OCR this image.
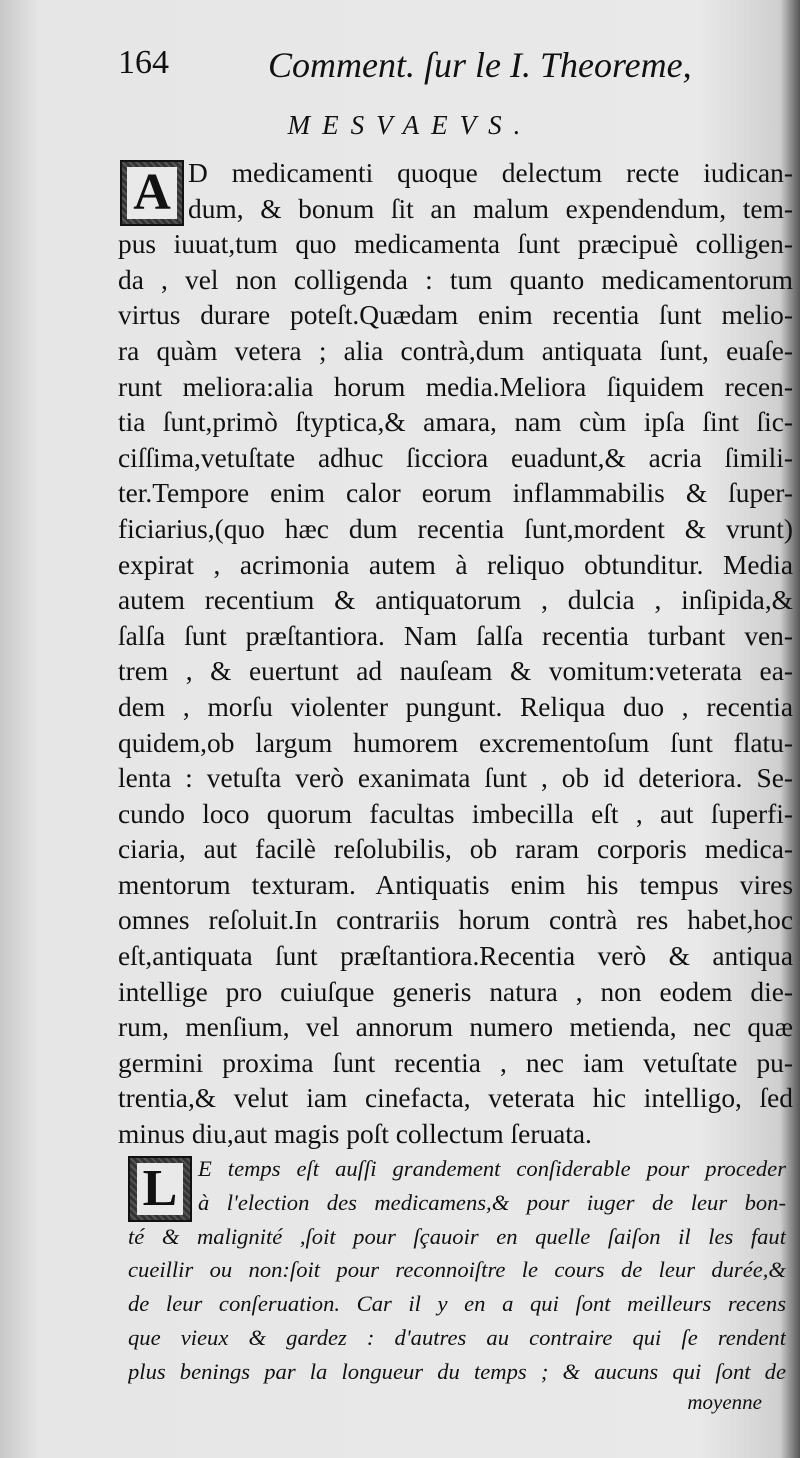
164	Comment. ſur le I. Theoreme,
MESVAEVS.
A D medicamenti quoque delectum recte iudican-
dum, & bonum ſit an malum expendendum, tem-
pus iuuat,tum quo medicamenta ſunt præcipuè colligen-
da , vel non colligenda : tum quanto medicamentorum
virtus durare poteſt.Quædam enim recentia ſunt melio-
ra quàm vetera ; alia contrà,dum antiquata ſunt, euaſe-
runt meliora:alia horum media.Meliora ſiquidem recen-
tia ſunt,primò ſtyptica,& amara, nam cùm ipſa ſint ſic-
ciſſima,vetuſtate adhuc ſicciora euadunt,& acria ſimili-
ter.Tempore enim calor eorum inflammabilis & ſuper-
ficiarius,(quo hæc dum recentia ſunt,mordent & vrunt)
expirat , acrimonia autem à reliquo obtunditur. Media
autem recentium & antiquatorum , dulcia , inſipida,&
ſalſa ſunt præſtantiora. Nam ſalſa recentia turbant ven-
trem , & euertunt ad nauſeam & vomitum:veterata ea-
dem , morſu violenter pungunt. Reliqua duo , recentia
quidem,ob largum humorem excrementoſum ſunt flatu-
lenta : vetuſta verò exanimata ſunt , ob id deteriora. Se-
cundo loco quorum facultas imbecilla eſt , aut ſuperfi-
ciaria, aut facilè reſolubilis, ob raram corporis medica-
mentorum texturam. Antiquatis enim his tempus vires
omnes reſoluit.In contrariis horum contrà res habet,hoc
eſt,antiquata ſunt præſtantiora.Recentia verò & antiqua
intellige pro cuiuſque generis natura , non eodem die-
rum, menſium, vel annorum numero metienda, nec quæ
germini proxima ſunt recentia , nec iam vetuſtate pu-
trentia,& velut iam cinefacta, veterata hic intelligo, ſed
minus diu,aut magis poſt collectum ſeruata.
L E temps eſt auſſi grandement conſiderable pour proceder
à l'election des medicamens,& pour iuger de leur bon-
té & malignité ,ſoit pour ſçauoir en quelle ſaiſon il les faut
cueillir ou non:ſoit pour reconnoiſtre le cours de leur durée,&
de leur conſeruation. Car il y en a qui ſont meilleurs recens
que vieux & gardez : d'autres au contraire qui ſe rendent
plus benings par la longueur du temps ; & aucuns qui ſont de
moyenne
